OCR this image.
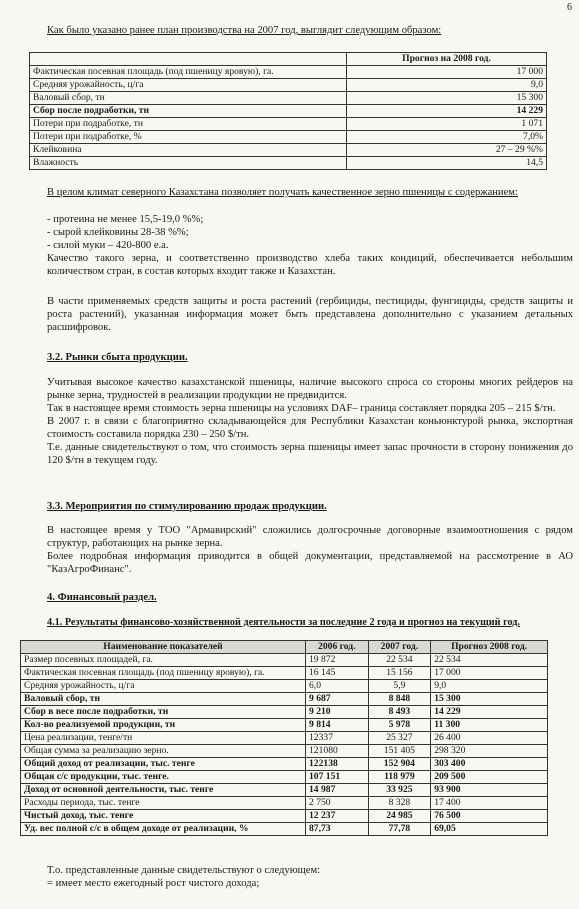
6

Как было указано ранее план производства на 2007 год, выглядит следующим образом:

	Прогноз на 2008 год.
Фактическая посевная площадь (под пшеницу яровую), га.	17 000
Средняя урожайность, ц/га	9,0
Валовый сбор, тн	15 300
Сбор после подработки, тн	14 229
Потери при подработке, тн	1 071
Потери при подработке, %	7,0%
Клейковина	27 – 29 %%
Влажность	14,5

В целом климат северного Казахстана позволяет получать качественное зерно пшеницы с содержанием:

- протеина не менее 15,5-19,0 %%;

- сырой клейковины 28-38 %%;

- силой муки – 420-800 е.а.

Качество такого зерна, и соответственно производство хлеба таких кондиций, обеспечивается небольшим количеством стран, в состав которых входит также и Казахстан.

В части применяемых средств защиты и роста растений (гербициды, пестициды, фунгициды, средств защиты и роста растений), указанная информация может быть представлена дополнительно с указанием детальных расшифровок.

3.2. Рынки сбыта продукции.

Учитывая высокое качество казахстанской пшеницы, наличие высокого спроса со стороны многих рейдеров на рынке зерна, трудностей в реализации продукции не предвидится.

Так в настоящее время стоимость зерна пшеницы на условиях DAF– граница составляет порядка 205 – 215 $/тн.

В 2007 г. в связи с благоприятно складывающейся для Республики Казахстан коньюнктурой рынка, экспортная стоимость составила порядка 230 – 250 $/тн.

Т.е. данные свидетельствуют о том, что стоимость зерна пшеницы имеет запас прочности в сторону понижения до 120 $/тн в текущем году.

3.3. Мероприятия по стимулированию продаж продукции.

В настоящее время у ТОО "Армавирский" сложились долгосрочные договорные взаимоотношения с рядом структур, работающих на рынке зерна.

Более подробная информация приводится в общей документации, представляемой на рассмотрение в АО "КазАгроФинанс".

4. Финансовый раздел.

4.1. Результаты финансово-хозяйственной деятельности за последние 2 года и прогноз на текущий год.

Наименование показателей	2006 год.	2007 год.	Прогноз 2008 год.
Размер посевных площадей, га.	19 872	22 534	22 534
Фактическая посевная площадь (под пшеницу яровую), га.	16 145	15 156	17 000
Средняя урожайность, ц/га	6,0	5,9	9,0
Валовый сбор, тн	9 687	8 848	15 300
Сбор в весе после подработки, тн	9 210	8 493	14 229
Кол-во реализуемой продукции, тн	9 814	5 978	11 300
Цена реализации, тенге/тн	12337	25 327	26 400
Общая сумма за реализацию зерно.	121080	151 405	298 320
Общий доход от реализации, тыс. тенге	122138	152 904	303 400
Общая с/с продукции, тыс. тенге.	107 151	118 979	209 500
Доход от основной деятельности, тыс. тенге	14 987	33 925	93 900
Расходы периода, тыс. тенге	2 750	8 328	17 400
Чистый доход, тыс. тенге	12 237	24 985	76 500
Уд. вес полной с/с в общем доходе от реализации, %	87,73	77,78	69,05

Т.о. представленные данные свидетельствуют о следующем:

= имеет место ежегодный рост чистого дохода;
